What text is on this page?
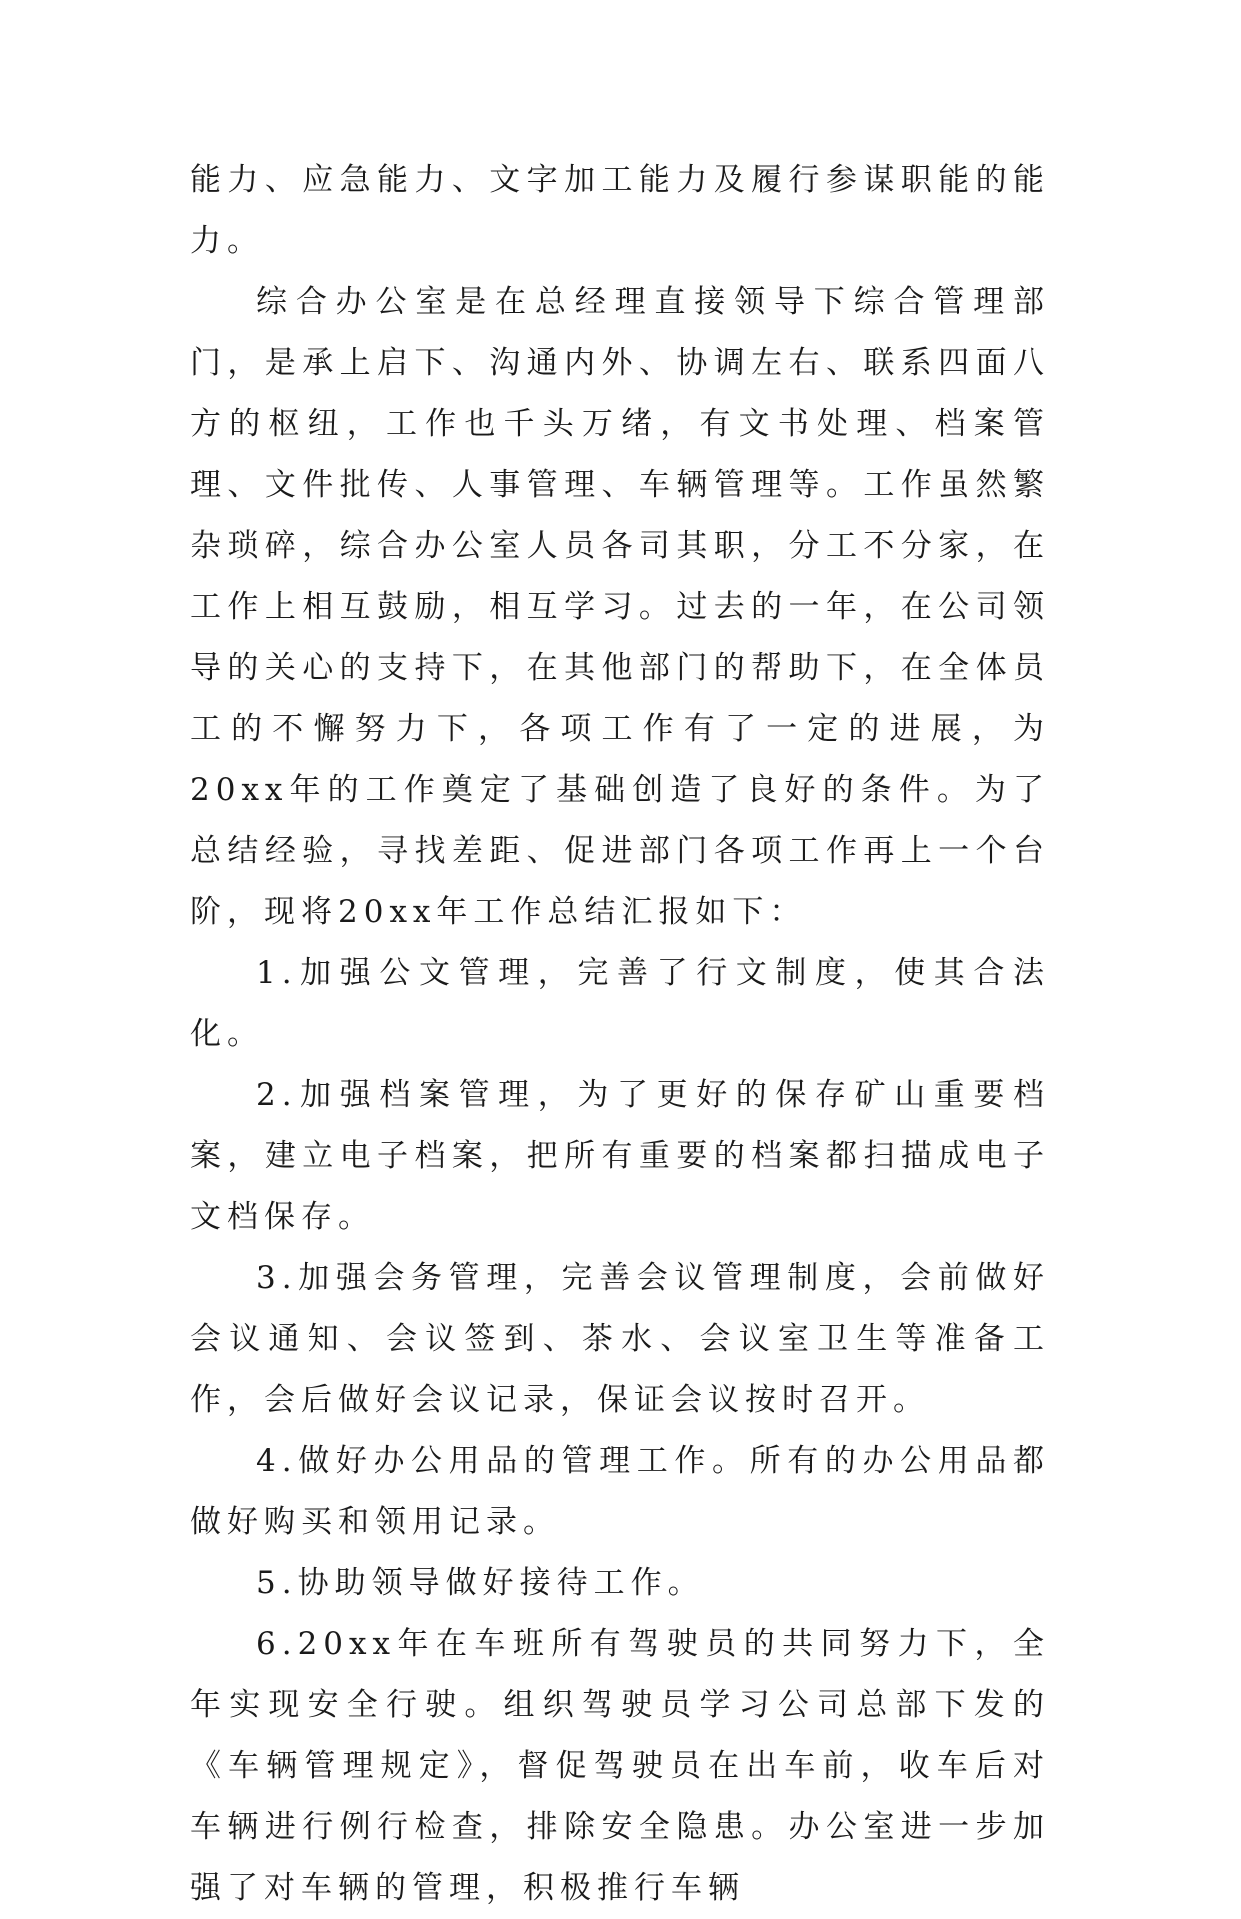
能力、应急能力、文字加工能力及履行参谋职能的能力。

综合办公室是在总经理直接领导下综合管理部门，是承上启下、沟通内外、协调左右、联系四面八方的枢纽，工作也千头万绪，有文书处理、档案管理、文件批传、人事管理、车辆管理等。工作虽然繁杂琐碎，综合办公室人员各司其职，分工不分家，在工作上相互鼓励，相互学习。过去的一年，在公司领导的关心的支持下，在其他部门的帮助下，在全体员工的不懈努力下，各项工作有了一定的进展，为20xx年的工作奠定了基础创造了良好的条件。为了总结经验，寻找差距、促进部门各项工作再上一个台阶，现将20xx年工作总结汇报如下：

1.加强公文管理，完善了行文制度，使其合法化。

2.加强档案管理，为了更好的保存矿山重要档案，建立电子档案，把所有重要的档案都扫描成电子文档保存。

3.加强会务管理，完善会议管理制度，会前做好会议通知、会议签到、茶水、会议室卫生等准备工作，会后做好会议记录，保证会议按时召开。

4.做好办公用品的管理工作。所有的办公用品都做好购买和领用记录。

5.协助领导做好接待工作。

6.20xx年在车班所有驾驶员的共同努力下，全年实现安全行驶。组织驾驶员学习公司总部下发的《车辆管理规定》，督促驾驶员在出车前，收车后对车辆进行例行检查，排除安全隐患。办公室进一步加强了对车辆的管理，积极推行车辆
